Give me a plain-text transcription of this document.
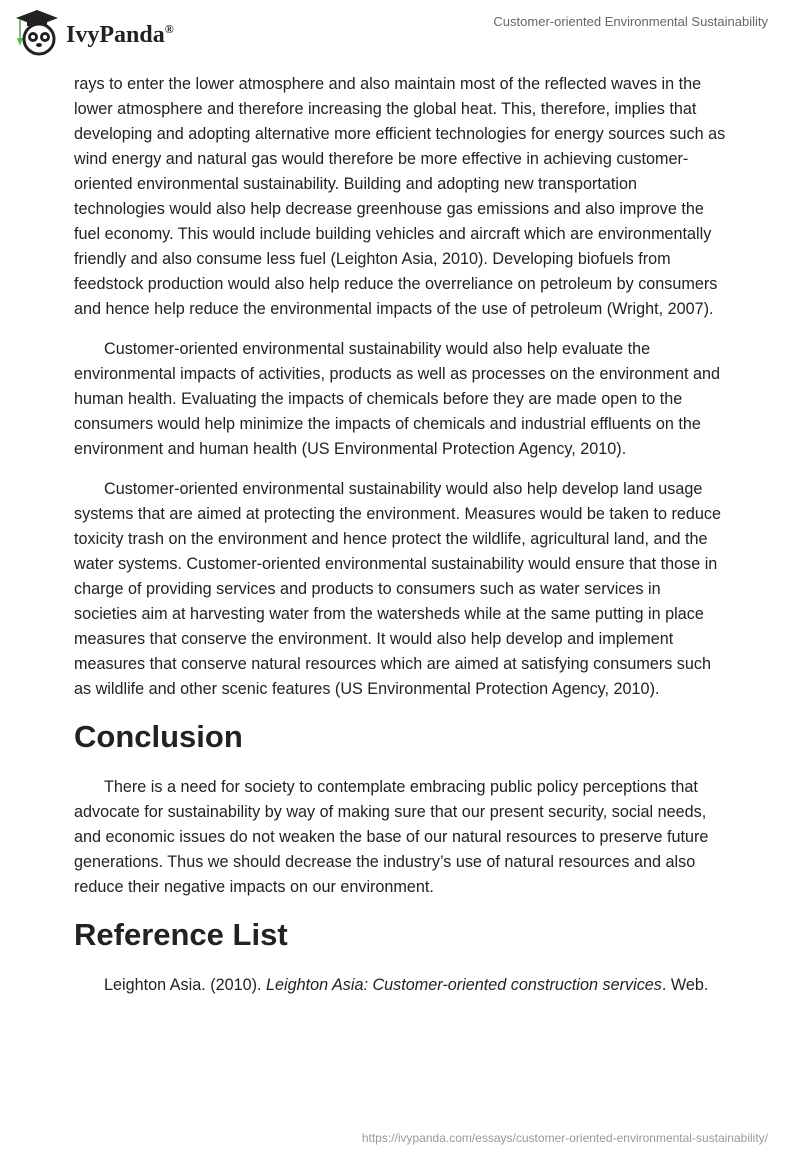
IvyPanda®	Customer-oriented Environmental Sustainability

rays to enter the lower atmosphere and also maintain most of the reflected waves in the lower atmosphere and therefore increasing the global heat. This, therefore, implies that developing and adopting alternative more efficient technologies for energy sources such as wind energy and natural gas would therefore be more effective in achieving customer-oriented environmental sustainability. Building and adopting new transportation technologies would also help decrease greenhouse gas emissions and also improve the fuel economy. This would include building vehicles and aircraft which are environmentally friendly and also consume less fuel (Leighton Asia, 2010). Developing biofuels from feedstock production would also help reduce the overreliance on petroleum by consumers and hence help reduce the environmental impacts of the use of petroleum (Wright, 2007).

Customer-oriented environmental sustainability would also help evaluate the environmental impacts of activities, products as well as processes on the environment and human health. Evaluating the impacts of chemicals before they are made open to the consumers would help minimize the impacts of chemicals and industrial effluents on the environment and human health (US Environmental Protection Agency, 2010).

Customer-oriented environmental sustainability would also help develop land usage systems that are aimed at protecting the environment. Measures would be taken to reduce toxicity trash on the environment and hence protect the wildlife, agricultural land, and the water systems. Customer-oriented environmental sustainability would ensure that those in charge of providing services and products to consumers such as water services in societies aim at harvesting water from the watersheds while at the same putting in place measures that conserve the environment. It would also help develop and implement measures that conserve natural resources which are aimed at satisfying consumers such as wildlife and other scenic features (US Environmental Protection Agency, 2010).

Conclusion

There is a need for society to contemplate embracing public policy perceptions that advocate for sustainability by way of making sure that our present security, social needs, and economic issues do not weaken the base of our natural resources to preserve future generations. Thus we should decrease the industry’s use of natural resources and also reduce their negative impacts on our environment.

Reference List

Leighton Asia. (2010). Leighton Asia: Customer-oriented construction services. Web.

https://ivypanda.com/essays/customer-oriented-environmental-sustainability/
